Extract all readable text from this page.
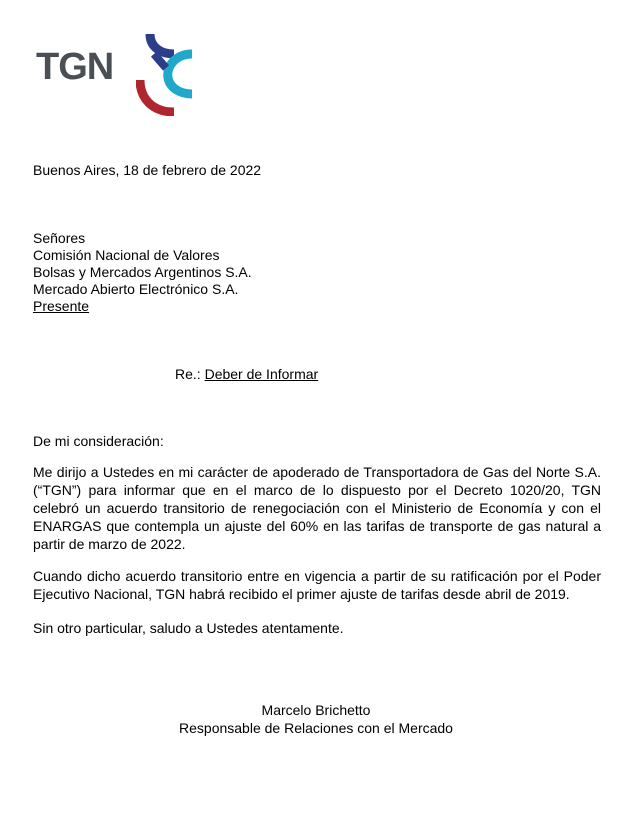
TGN
Buenos Aires, 18 de febrero de 2022
Señores
Comisión Nacional de Valores
Bolsas y Mercados Argentinos S.A.
Mercado Abierto Electrónico S.A.
Presente
Re.: Deber de Informar
De mi consideración:
Me dirijo a Ustedes en mi carácter de apoderado de Transportadora de Gas del Norte S.A. (“TGN”) para informar que en el marco de lo dispuesto por el Decreto 1020/20, TGN celebró un acuerdo transitorio de renegociación con el Ministerio de Economía y con el ENARGAS que contempla un ajuste del 60% en las tarifas de transporte de gas natural a partir de marzo de 2022.
Cuando dicho acuerdo transitorio entre en vigencia a partir de su ratificación por el Poder Ejecutivo Nacional, TGN habrá recibido el primer ajuste de tarifas desde abril de 2019.
Sin otro particular, saludo a Ustedes atentamente.
Marcelo Brichetto
Responsable de Relaciones con el Mercado
